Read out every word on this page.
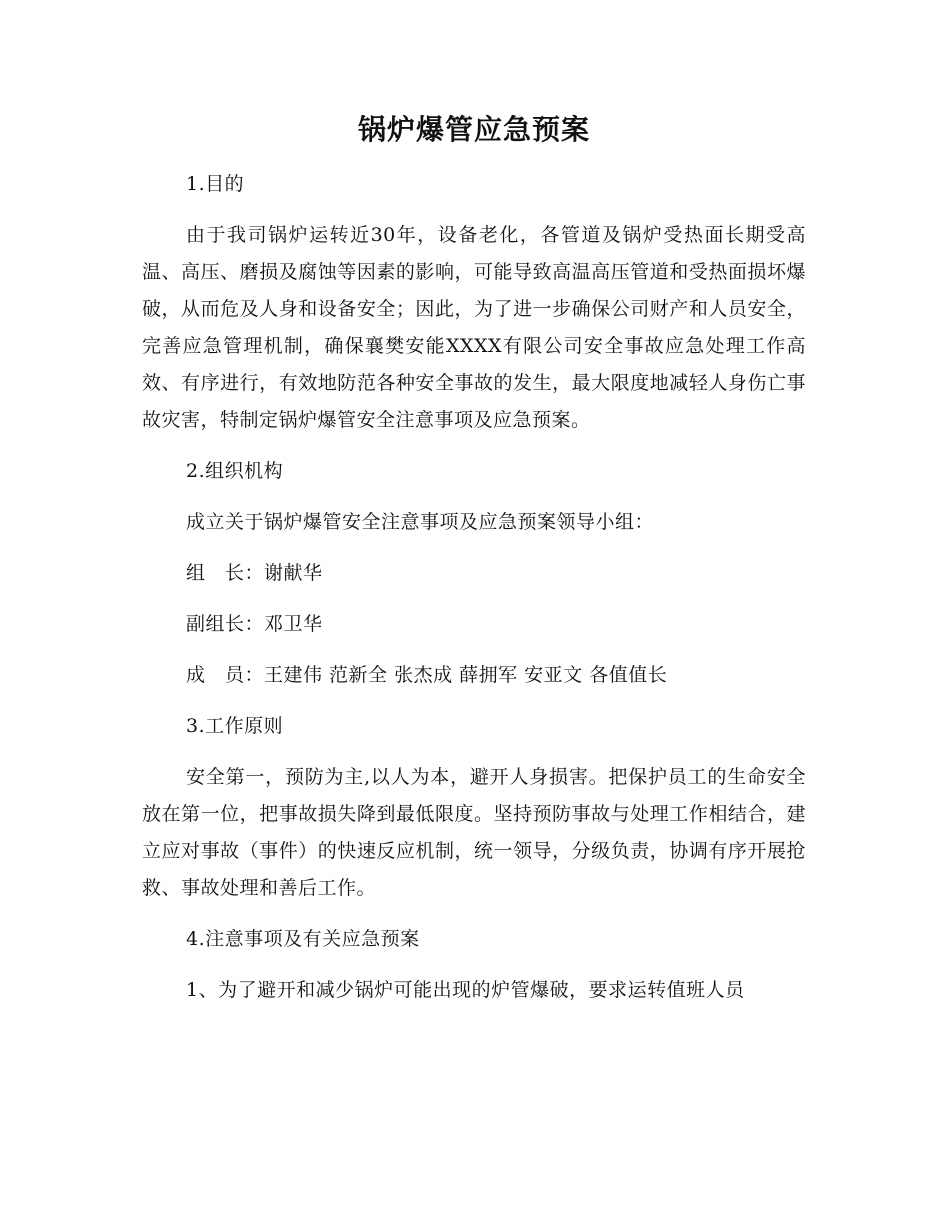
锅炉爆管应急预案

1.目的

由于我司锅炉运转近30年，设备老化，各管道及锅炉受热面长期受高温、高压、磨损及腐蚀等因素的影响，可能导致高温高压管道和受热面损坏爆破，从而危及人身和设备安全；因此，为了进一步确保公司财产和人员安全，完善应急管理机制，确保襄樊安能XXXX有限公司安全事故应急处理工作高效、有序进行，有效地防范各种安全事故的发生，最大限度地减轻人身伤亡事故灾害，特制定锅炉爆管安全注意事项及应急预案。

2.组织机构

成立关于锅炉爆管安全注意事项及应急预案领导小组：

组　长：谢献华

副组长：邓卫华

成　员：王建伟 范新全 张杰成 薛拥军 安亚文 各值值长

3.工作原则

安全第一，预防为主,以人为本，避开人身损害。把保护员工的生命安全放在第一位，把事故损失降到最低限度。坚持预防事故与处理工作相结合，建立应对事故（事件）的快速反应机制，统一领导，分级负责，协调有序开展抢救、事故处理和善后工作。

4.注意事项及有关应急预案

1、为了避开和减少锅炉可能出现的炉管爆破，要求运转值班人员
